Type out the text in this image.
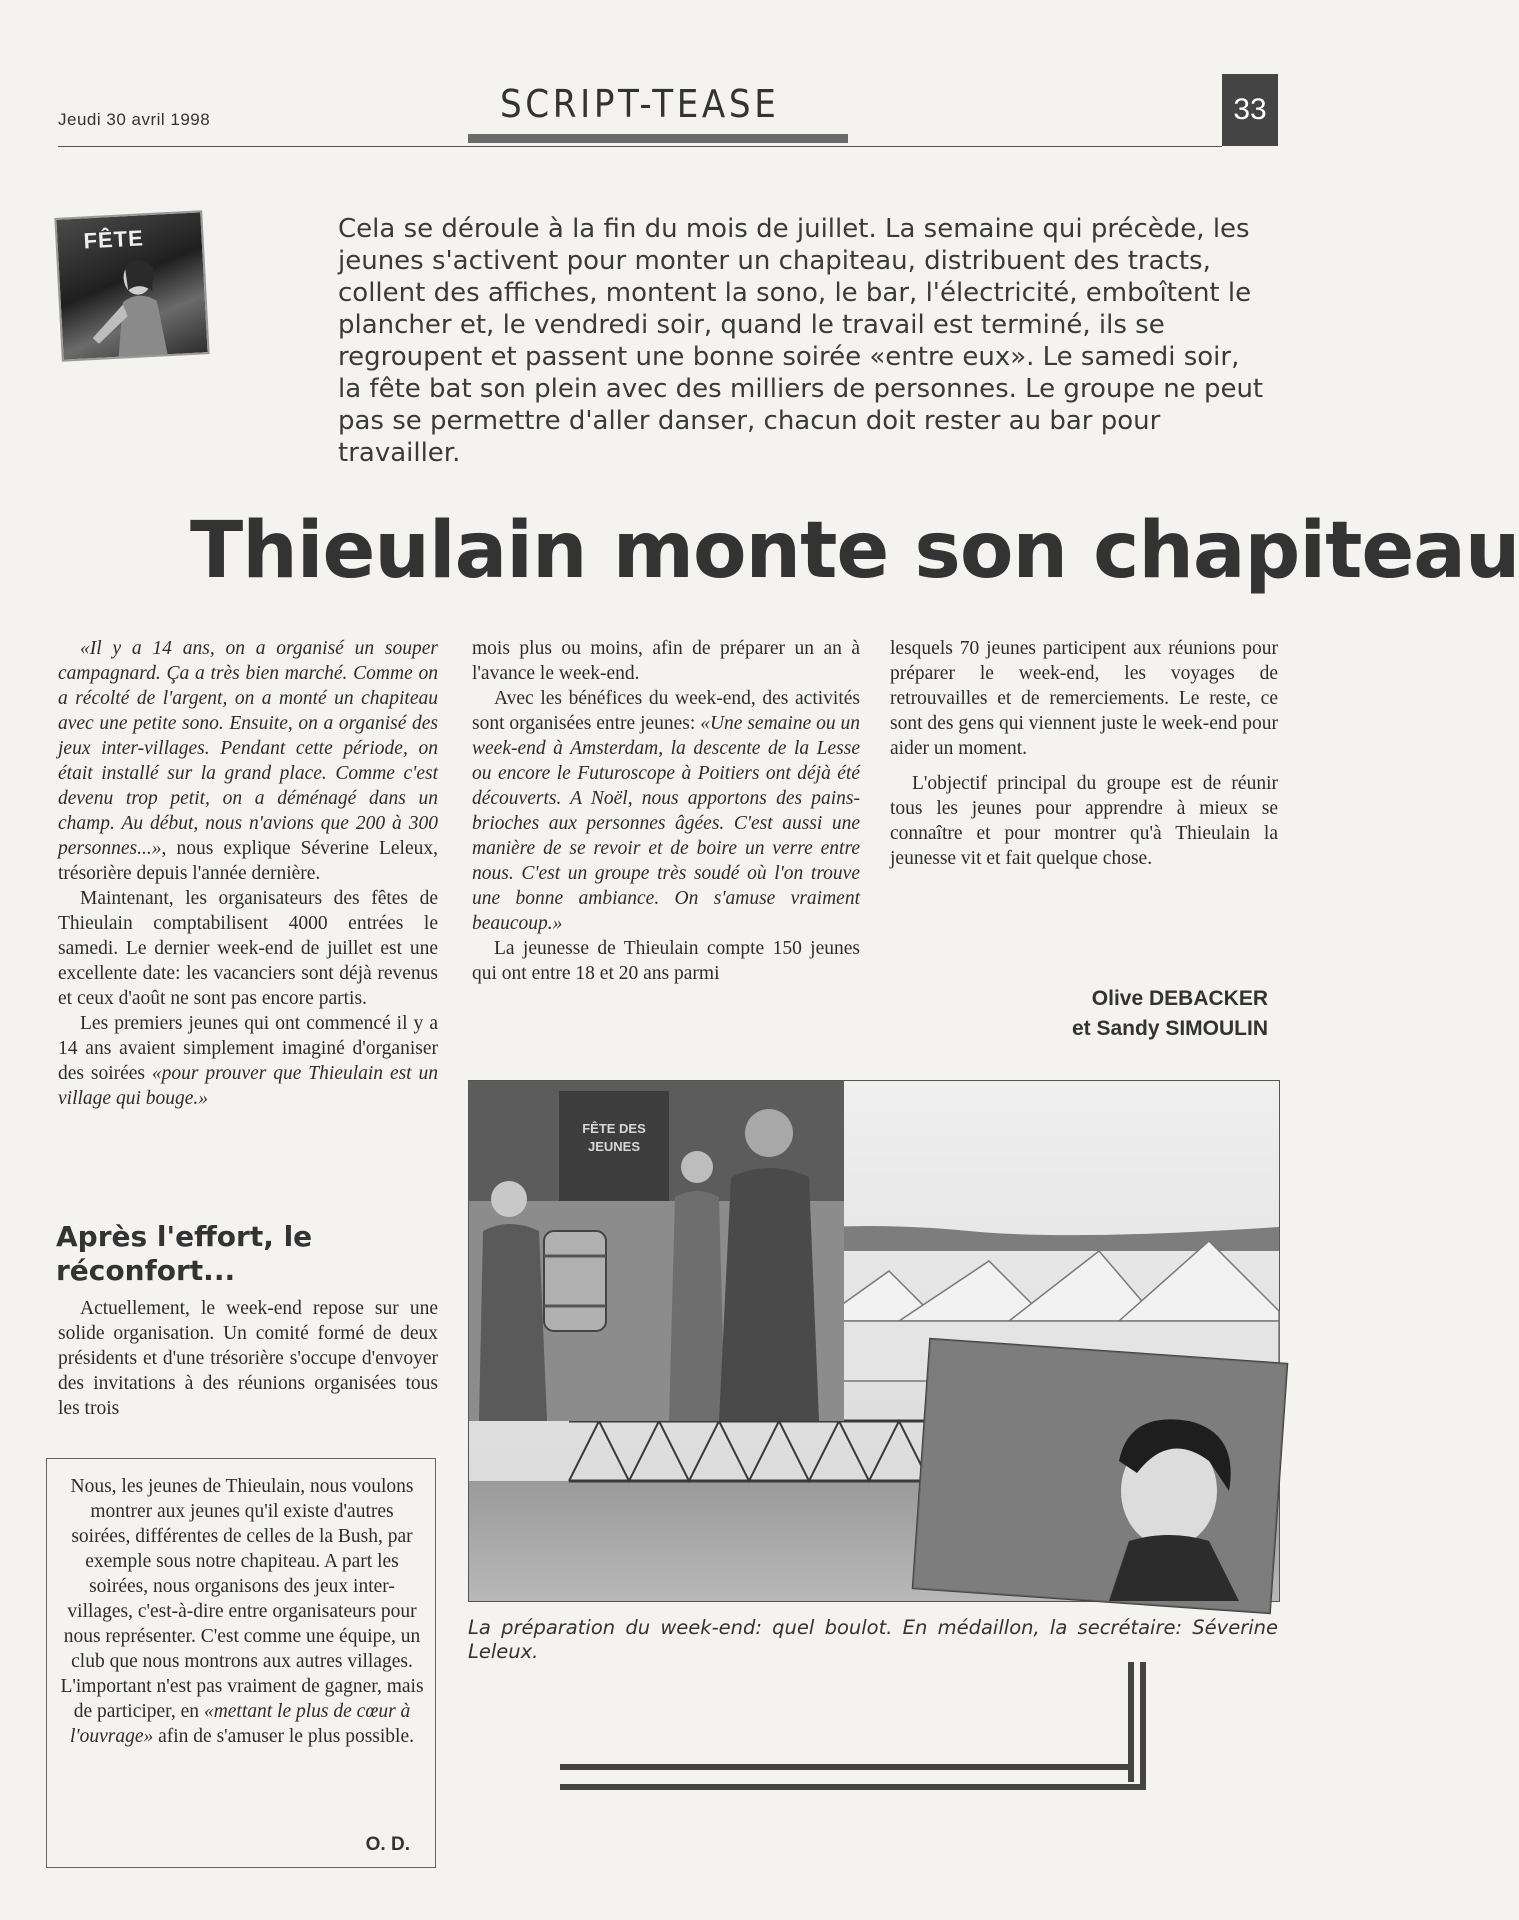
Jeudi 30 avril 1998	SCRIPT-TEASE	33
FÊTE	Cela se déroule à la fin du mois de juillet. La semaine qui précède, les jeunes s'activent pour monter un chapiteau, distribuent des tracts, collent des affiches, montent la sono, le bar, l'électricité, emboîtent le plancher et, le vendredi soir, quand le travail est terminé, ils se regroupent et passent une bonne soirée «entre eux». Le samedi soir, la fête bat son plein avec des milliers de personnes. Le groupe ne peut pas se permettre d'aller danser, chacun doit rester au bar pour travailler.
Thieulain monte son chapiteau

«Il y a 14 ans, on a organisé un souper campagnard. Ça a très bien marché. Comme on a récolté de l'argent, on a monté un chapiteau avec une petite sono. Ensuite, on a organisé des jeux inter-villages. Pendant cette période, on était installé sur la grand place. Comme c'est devenu trop petit, on a déménagé dans un champ. Au début, nous n'avions que 200 à 300 personnes...», nous explique Séverine Leleux, trésorière depuis l'année dernière.

Maintenant, les organisateurs des fêtes de Thieulain comptabilisent 4000 entrées le samedi. Le dernier week-end de juillet est une excellente date: les vacanciers sont déjà revenus et ceux d'août ne sont pas encore partis.

Les premiers jeunes qui ont commencé il y a 14 ans avaient simplement imaginé d'organiser des soirées «pour prouver que Thieulain est un village qui bouge.»

Après l'effort, le réconfort...

Actuellement, le week-end repose sur une solide organisation. Un comité formé de deux présidents et d'une trésorière s'occupe d'envoyer des invitations à des réunions organisées tous les trois

mois plus ou moins, afin de préparer un an à l'avance le week-end.

Avec les bénéfices du week-end, des activités sont organisées entre jeunes: «Une semaine ou un week-end à Amsterdam, la descente de la Lesse ou encore le Futuroscope à Poitiers ont déjà été découverts. A Noël, nous apportons des pains-brioches aux personnes âgées. C'est aussi une manière de se revoir et de boire un verre entre nous. C'est un groupe très soudé où l'on trouve une bonne ambiance. On s'amuse vraiment beaucoup.»

La jeunesse de Thieulain compte 150 jeunes qui ont entre 18 et 20 ans parmi

lesquels 70 jeunes participent aux réunions pour préparer le week-end, les voyages de retrouvailles et de remerciements. Le reste, ce sont des gens qui viennent juste le week-end pour aider un moment.

L'objectif principal du groupe est de réunir tous les jeunes pour apprendre à mieux se connaître et pour montrer qu'à Thieulain la jeunesse vit et fait quelque chose.

Olive DEBACKER
et Sandy SIMOULIN
Nous, les jeunes de Thieulain, nous voulons montrer aux jeunes qu'il existe d'autres soirées, différentes de celles de la Bush, par exemple sous notre chapiteau. A part les soirées, nous organisons des jeux inter-villages, c'est-à-dire entre organisateurs pour nous représenter. C'est comme une équipe, un club que nous montrons aux autres villages. L'important n'est pas vraiment de gagner, mais de participer, en «mettant le plus de cœur à l'ouvrage» afin de s'amuser le plus possible.
O. D.
FÊTE DES
JEUNES
La préparation du week-end: quel boulot. En médaillon, la secrétaire: Séverine Leleux.
